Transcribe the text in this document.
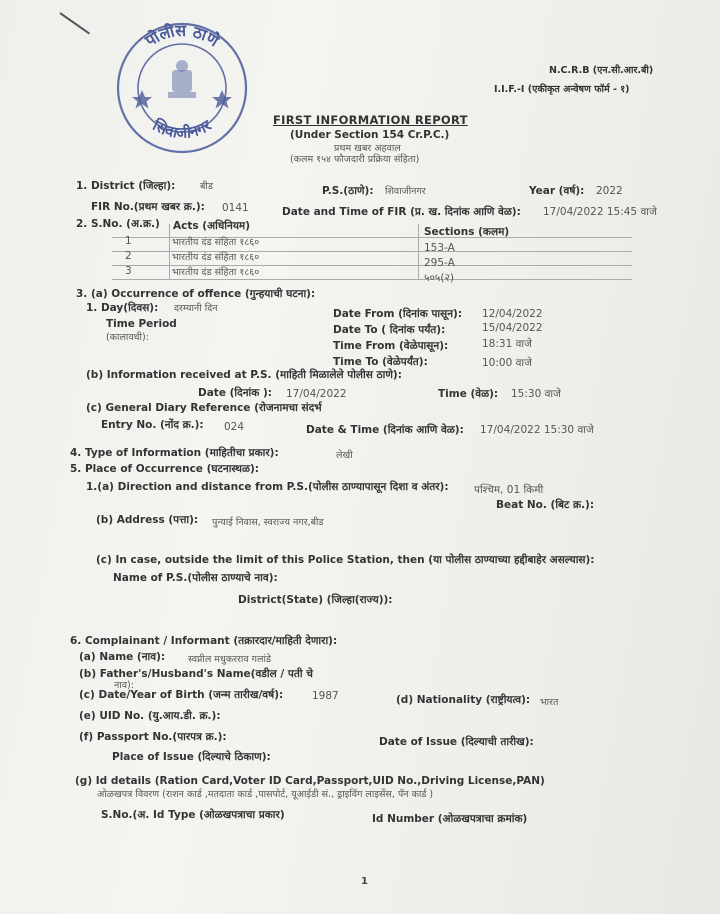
पोलीस ठाणे
सिवाजीनगर
N.C.R.B (एन.सी.आर.बी)
I.I.F.-I (एकीकृत अन्वेषण फॉर्म - १)
FIRST INFORMATION REPORT
(Under Section 154 Cr.P.C.)
प्रथम खबर अहवाल
(कलम १५४ फौजदारी प्रक्रिया संहिता)
1. District (जिल्हा):	बीड	P.S.(ठाणे): शिवाजीनगर	Year (वर्ष): 2022
FIR No.(प्रथम खबर क्र.): 0141	Date and Time of FIR (प्र. ख. दिनांक आणि वेळ): 17/04/2022 15:45 वाजे
2. S.No. (अ.क्र.) Acts (अधिनियम)	Sections (कलम)
1	भारतीय दंड संहिता १८६०	153-A
2	भारतीय दंड संहिता १८६०	295-A
3	भारतीय दंड संहिता १८६०	५०५(२)
3. (a) Occurrence of offence (गुन्हयाची घटना):
1. Day(दिवस): दरम्यानी दिन
Time Period
(कालावधी):
Date From (दिनांक पासून): 12/04/2022
Date To ( दिनांक पर्यंत):	15/04/2022
Time From (वेळेपासून):	18:31 वाजे
Time To (वेळेपर्यंत):	10:00 वाजे
(b) Information received at P.S. (माहिती मिळालेले पोलीस ठाणे):
Date (दिनांक ): 17/04/2022	Time (वेळ): 15:30 वाजे
(c) General Diary Reference (रोजनामचा संदर्भ
Entry No. (नोंद क्र.): 024	Date & Time (दिनांक आणि वेळ): 17/04/2022 15:30 वाजे
4. Type of Information (माहितीचा प्रकार):	लेखी
5. Place of Occurrence (घटनास्थळ):
1.(a) Direction and distance from P.S.(पोलीस ठाण्यापासून दिशा व अंतर): पश्चिम, 01 किमी
Beat No. (बिट क्र.):
(b) Address (पत्ता): पुन्याई निवास, स्वराज्य नगर,बीड
(c) In case, outside the limit of this Police Station, then (या पोलीस ठाण्याच्या हद्दीबाहेर असल्यास):
Name of P.S.(पोलीस ठाण्याचे नाव):
District(State) (जिल्हा(राज्य)):
6. Complainant / Informant (तक्रारदार/माहिती देणारा):
(a) Name (नाव): स्वप्नील मधुकरराव गलांडे
(b) Father's/Husband's Name(वडील / पती चे
नाव):
(c) Date/Year of Birth (जन्म तारीख/वर्ष):	1987	(d) Nationality (राष्ट्रीयत्व): भारत
(e) UID No. (यु.आय.डी. क्र.):
(f) Passport No.(पारपत्र क्र.):	Date of Issue (दिल्याची तारीख):
Place of Issue (दिल्याचे ठिकाण):
(g) Id details (Ration Card,Voter ID Card,Passport,UID No.,Driving License,PAN)
ओळखपत्र विवरण (राशन कार्ड ,मतदाता कार्ड ,पासपोर्ट, यूआईडी सं., ड्राइविंग लाइसेंस, पॅन कार्ड )
S.No.(अ. Id Type (ओळखपत्राचा प्रकार)	Id Number (ओळखपत्राचा क्रमांक)
1
